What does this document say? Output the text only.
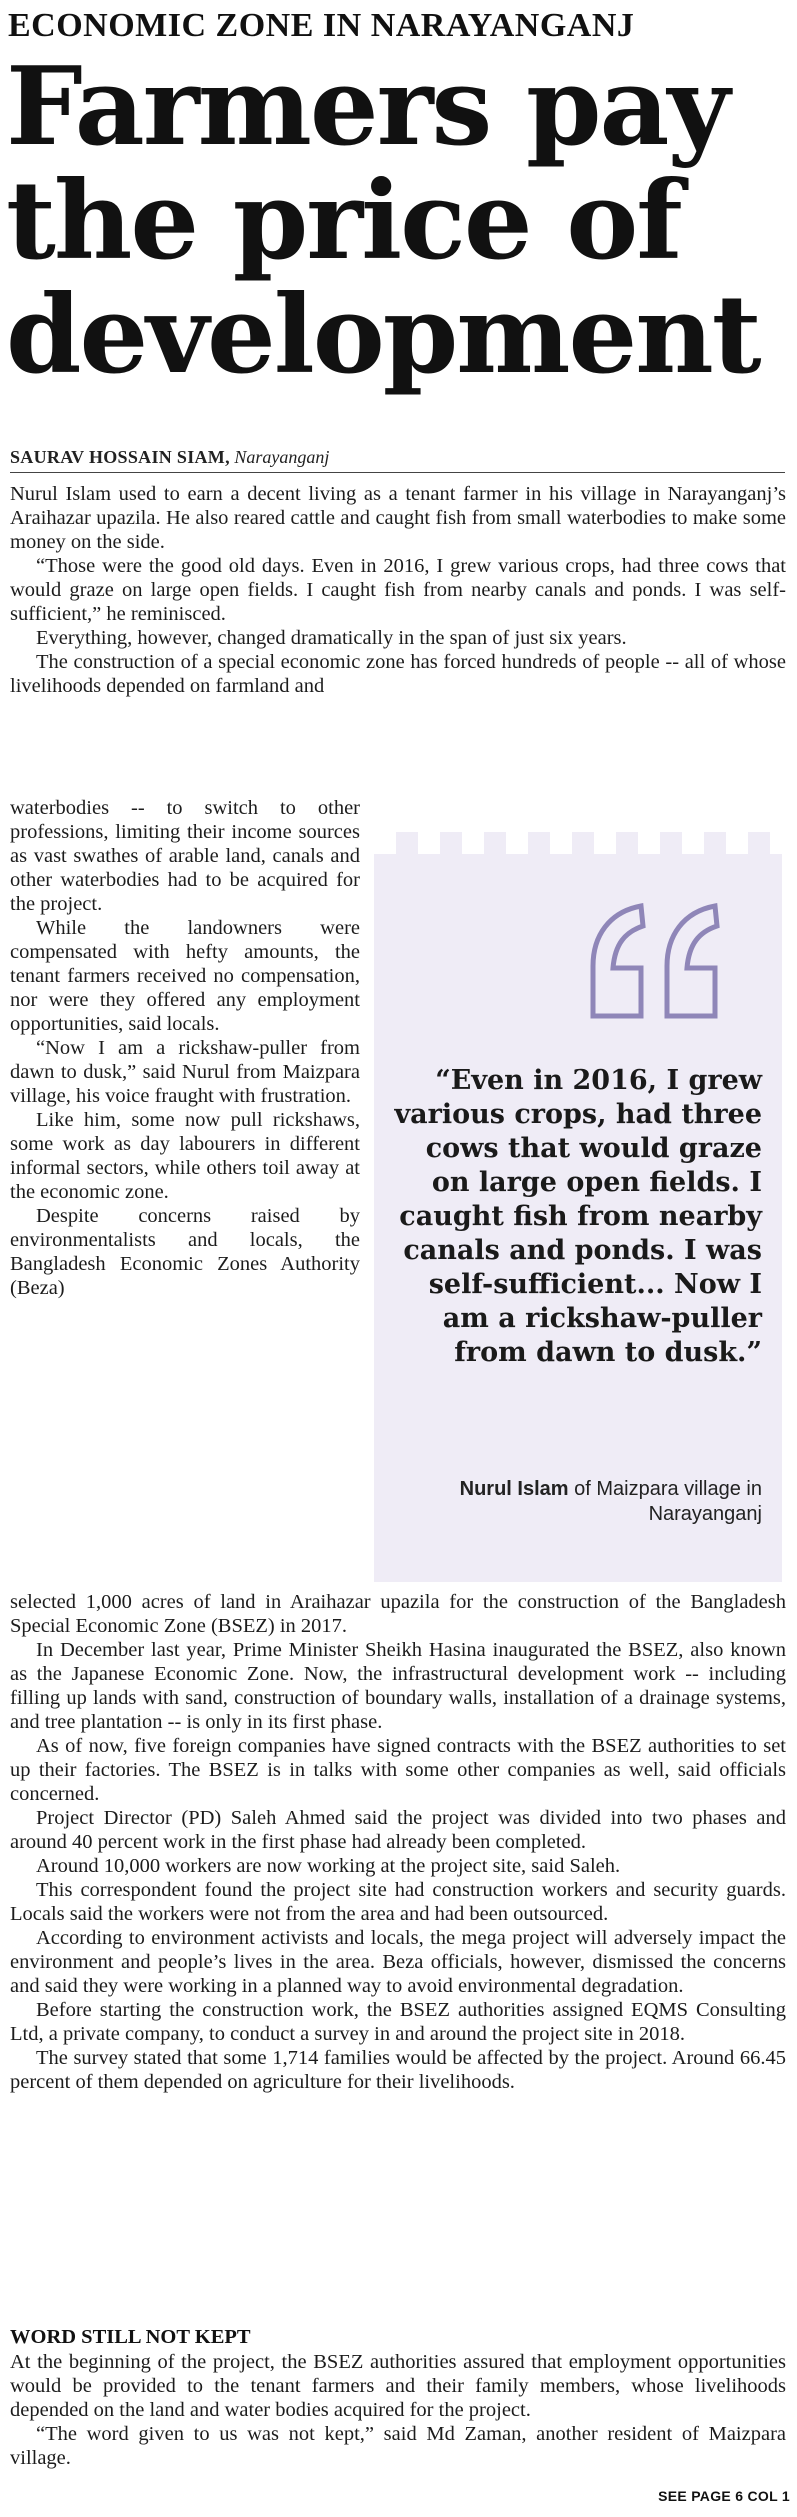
ECONOMIC ZONE IN NARAYANGANJ
Farmers pay
the price of
development
SAURAV HOSSAIN SIAM, Narayanganj

Nurul Islam used to earn a decent living as a tenant farmer in his village in Narayanganj’s Araihazar upazila. He also reared cattle and caught fish from small waterbodies to make some money on the side.

“Those were the good old days. Even in 2016, I grew various crops, had three cows that would graze on large open fields. I caught fish from nearby canals and ponds. I was self-sufficient,” he reminisced.

Everything, however, changed dramatically in the span of just six years.

The construction of a special economic zone has forced hundreds of people -- all of whose livelihoods depended on farmland and

waterbodies -- to switch to other professions, limiting their income sources as vast swathes of arable land, canals and other waterbodies had to be acquired for the project.

While the landowners were compensated with hefty amounts, the tenant farmers received no compensation, nor were they offered any employment opportunities, said locals.

“Now I am a rickshaw-puller from dawn to dusk,” said Nurul from Maizpara village, his voice fraught with frustration.

Like him, some now pull rickshaws, some work as day labourers in different informal sectors, while others toil away at the economic zone.

Despite concerns raised by environmentalists and locals, the Bangladesh Economic Zones Authority (Beza)

“Even in 2016, I grew various crops, had three cows that would graze on large open fields. I caught fish from nearby canals and ponds. I was self-sufficient... Now I am a rickshaw-puller from dawn to dusk.”
Nurul Islam of Maizpara village in Narayanganj

selected 1,000 acres of land in Araihazar upazila for the construction of the Bangladesh Special Economic Zone (BSEZ) in 2017.

In December last year, Prime Minister Sheikh Hasina inaugurated the BSEZ, also known as the Japanese Economic Zone. Now, the infrastructural development work -- including filling up lands with sand, construction of boundary walls, installation of a drainage systems, and tree plantation -- is only in its first phase.

As of now, five foreign companies have signed contracts with the BSEZ authorities to set up their factories. The BSEZ is in talks with some other companies as well, said officials concerned.

Project Director (PD) Saleh Ahmed said the project was divided into two phases and around 40 percent work in the first phase had already been completed.

Around 10,000 workers are now working at the project site, said Saleh.

This correspondent found the project site had construction workers and security guards. Locals said the workers were not from the area and had been outsourced.

According to environment activists and locals, the mega project will adversely impact the environment and people’s lives in the area. Beza officials, however, dismissed the concerns and said they were working in a planned way to avoid environmental degradation.

Before starting the construction work, the BSEZ authorities assigned EQMS Consulting Ltd, a private company, to conduct a survey in and around the project site in 2018.

The survey stated that some 1,714 families would be affected by the project. Around 66.45 percent of them depended on agriculture for their livelihoods.

WORD STILL NOT KEPT

At the beginning of the project, the BSEZ authorities assured that employment opportunities would be provided to the tenant farmers and their family members, whose livelihoods depended on the land and water bodies acquired for the project.

“The word given to us was not kept,” said Md Zaman, another resident of Maizpara village.

SEE PAGE 6 COL 1
